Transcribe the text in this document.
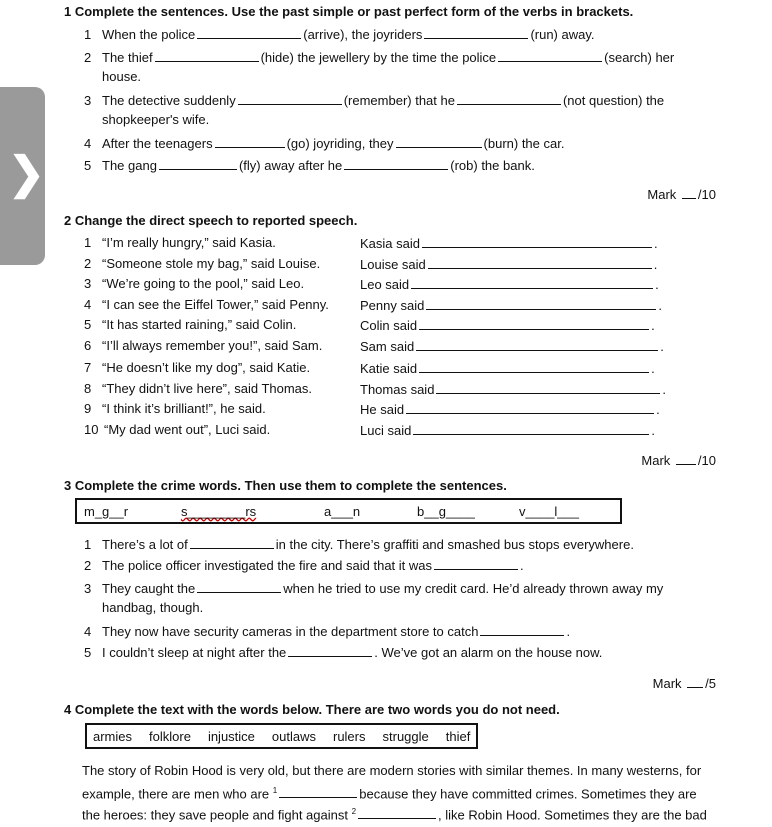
❯
1 Complete the sentences. Use the past simple or past perfect form of the verbs in brackets.
1 When the police	(arrive), the joyriders	(run) away.
2 The thief	(hide) the jewellery by the time the police	(search) her
house.
3 The detective suddenly	(remember) that he	(not question) the
shopkeeper's wife.
4 After the teenagers	(go) joyriding, they	(burn) the car.
5 The gang	(fly) away after he	(rob) the bank.
Mark /10
2 Change the direct speech to reported speech.
1 “I’m really hungry,” said Kasia.	Kasia said	.
2 “Someone stole my bag,” said Louise.	Louise said	.
3 “We’re going to the pool,” said Leo.	Leo said	.
4 “I can see the Eiffel Tower,” said Penny. Penny said	.
5 “It has started raining,” said Colin.	Colin said	.
6 “I’ll always remember you!”, said Sam.	Sam said	.
7 “He doesn’t like my dog”, said Katie.	Katie said	.
8 “They didn’t live here”, said Thomas.	Thomas said	.
9 “I think it’s brilliant!”, he said.	He said	.
10 “My dad went out”, Luci said.	Luci said	.
Mark /10
3 Complete the crime words. Then use them to complete the sentences.
m_g__r	s________rs	a___n	b__g____	v____l___
1 There’s a lot of	in the city. There’s graffiti and smashed bus stops everywhere.
2 The police officer investigated the fire and said that it was	.
3 They caught the	when he tried to use my credit card. He’d already thrown away my
handbag, though.
4 They now have security cameras in the department store to catch	.
5 I couldn’t sleep at night after the	. We’ve got an alarm on the house now.
Mark /5
4 Complete the text with the words below. There are two words you do not need.
armies folklore injustice outlaws rulers struggle thief
The story of Robin Hood is very old, but there are modern stories with similar themes. In many westerns, for
example, there are men who are $^1$	because they have committed crimes. Sometimes they are
the heroes: they save people and fight against $^2$	, like Robin Hood. Sometimes they are the bad
